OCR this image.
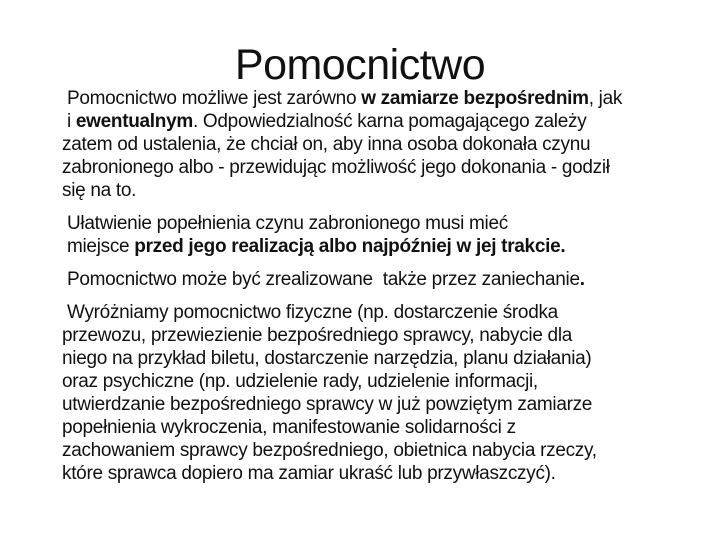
Pomocnictwo
Pomocnictwo możliwe jest zarówno w zamiarze bezpośrednim, jak
i ewentualnym. Odpowiedzialność karna pomagającego zależy
zatem od ustalenia, że chciał on, aby inna osoba dokonała czynu
zabronionego albo - przewidując możliwość jego dokonania - godził
się na to.
Ułatwienie popełnienia czynu zabronionego musi mieć
miejsce przed jego realizacją albo najpóźniej w jej trakcie.
Pomocnictwo może być zrealizowane  także przez zaniechanie.
Wyróżniamy pomocnictwo fizyczne (np. dostarczenie środka
przewozu, przewiezienie bezpośredniego sprawcy, nabycie dla
niego na przykład biletu, dostarczenie narzędzia, planu działania)
oraz psychiczne (np. udzielenie rady, udzielenie informacji,
utwierdzanie bezpośredniego sprawcy w już powziętym zamiarze
popełnienia wykroczenia, manifestowanie solidarności z
zachowaniem sprawcy bezpośredniego, obietnica nabycia rzeczy,
które sprawca dopiero ma zamiar ukraść lub przywłaszczyć).
